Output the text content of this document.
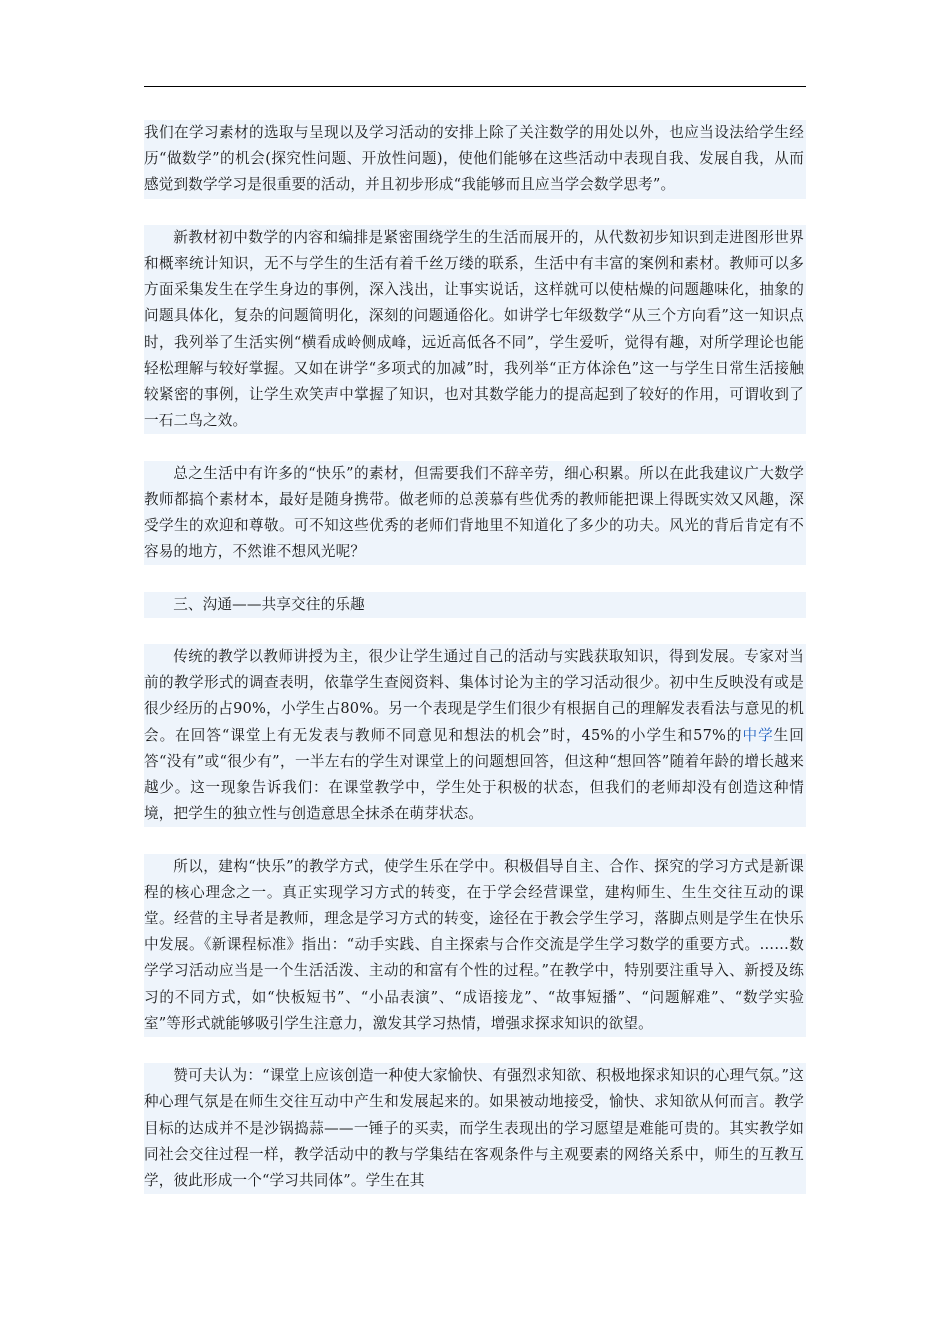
我们在学习素材的选取与呈现以及学习活动的安排上除了关注数学的用处以外，也应当设法给学生经历“做数学”的机会(探究性问题、开放性问题)，使他们能够在这些活动中表现自我、发展自我，从而感觉到数学学习是很重要的活动，并且初步形成“我能够而且应当学会数学思考”。

新教材初中数学的内容和编排是紧密围绕学生的生活而展开的，从代数初步知识到走进图形世界和概率统计知识，无不与学生的生活有着千丝万缕的联系，生活中有丰富的案例和素材。教师可以多方面采集发生在学生身边的事例，深入浅出，让事实说话，这样就可以使枯燥的问题趣味化，抽象的问题具体化，复杂的问题简明化，深刻的问题通俗化。如讲学七年级数学“从三个方向看”这一知识点时，我列举了生活实例“横看成岭侧成峰，远近高低各不同”，学生爱听，觉得有趣，对所学理论也能轻松理解与较好掌握。又如在讲学“多项式的加减”时，我列举“正方体涂色”这一与学生日常生活接触较紧密的事例，让学生欢笑声中掌握了知识，也对其数学能力的提高起到了较好的作用，可谓收到了一石二鸟之效。

总之生活中有许多的“快乐”的素材，但需要我们不辞辛劳，细心积累。所以在此我建议广大数学教师都搞个素材本，最好是随身携带。做老师的总羡慕有些优秀的教师能把课上得既实效又风趣，深受学生的欢迎和尊敬。可不知这些优秀的老师们背地里不知道化了多少的功夫。风光的背后肯定有不容易的地方，不然谁不想风光呢？

三、沟通——共享交往的乐趣

传统的教学以教师讲授为主，很少让学生通过自己的活动与实践获取知识，得到发展。专家对当前的教学形式的调查表明，依靠学生查阅资料、集体讨论为主的学习活动很少。初中生反映没有或是很少经历的占90%，小学生占80%。另一个表现是学生们很少有根据自己的理解发表看法与意见的机会。在回答“课堂上有无发表与教师不同意见和想法的机会”时，45%的小学生和57%的中学生回答“没有”或“很少有”，一半左右的学生对课堂上的问题想回答，但这种“想回答”随着年龄的增长越来越少。这一现象告诉我们：在课堂教学中，学生处于积极的状态，但我们的老师却没有创造这种情境，把学生的独立性与创造意思全抹杀在萌芽状态。

所以，建构“快乐”的教学方式，使学生乐在学中。积极倡导自主、合作、探究的学习方式是新课程的核心理念之一。真正实现学习方式的转变，在于学会经营课堂，建构师生、生生交往互动的课堂。经营的主导者是教师，理念是学习方式的转变，途径在于教会学生学习，落脚点则是学生在快乐中发展。《新课程标准》指出：“动手实践、自主探索与合作交流是学生学习数学的重要方式。……数学学习活动应当是一个生活活泼、主动的和富有个性的过程。”在教学中，特别要注重导入、新授及练习的不同方式，如“快板短书”、“小品表演”、“成语接龙”、“故事短播”、“问题解难”、“数学实验室”等形式就能够吸引学生注意力，激发其学习热情，增强求探求知识的欲望。

赞可夫认为：“课堂上应该创造一种使大家愉快、有强烈求知欲、积极地探求知识的心理气氛。”这种心理气氛是在师生交往互动中产生和发展起来的。如果被动地接受，愉快、求知欲从何而言。教学目标的达成并不是沙锅捣蒜——一锤子的买卖，而学生表现出的学习愿望是难能可贵的。其实教学如同社会交往过程一样，教学活动中的教与学集结在客观条件与主观要素的网络关系中，师生的互教互学，彼此形成一个“学习共同体”。学生在其
